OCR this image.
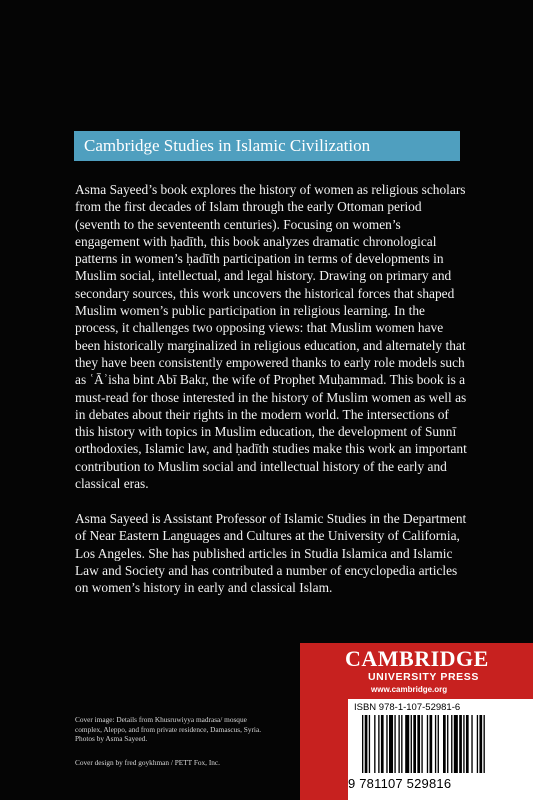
Cambridge Studies in Islamic Civilization

Asma Sayeed’s book explores the history of women as religious scholars from the first decades of Islam through the early Ottoman period (seventh to the seventeenth centuries). Focusing on women’s engagement with ḥadīth, this book analyzes dramatic chronological patterns in women’s ḥadīth participation in terms of developments in Muslim social, intellectual, and legal history. Drawing on primary and secondary sources, this work uncovers the historical forces that shaped Muslim women’s public participation in religious learning. In the process, it challenges two opposing views: that Muslim women have been historically marginalized in religious education, and alternately that they have been consistently empowered thanks to early role models such as ʿĀʾisha bint Abī Bakr, the wife of Prophet Muḥammad. This book is a must-read for those interested in the history of Muslim women as well as in debates about their rights in the modern world. The intersections of this history with topics in Muslim education, the development of Sunnī orthodoxies, Islamic law, and ḥadīth studies make this work an important contribution to Muslim social and intellectual history of the early and classical eras.

Asma Sayeed is Assistant Professor of Islamic Studies in the Department of Near Eastern Languages and Cultures at the University of California, Los Angeles. She has published articles in Studia Islamica and Islamic Law and Society and has contributed a number of encyclopedia articles on women’s history in early and classical Islam.

Cover image: Details from Khusruwiyya madrasa/ mosque complex, Aleppo, and from private residence, Damascus, Syria. Photos by Asma Sayeed.

Cover design by fred goykhman / PETT Fox, Inc.

CAMBRIDGE
UNIVERSITY PRESS
www.cambridge.org
ISBN 978-1-107-52981-6
9 781107 529816
